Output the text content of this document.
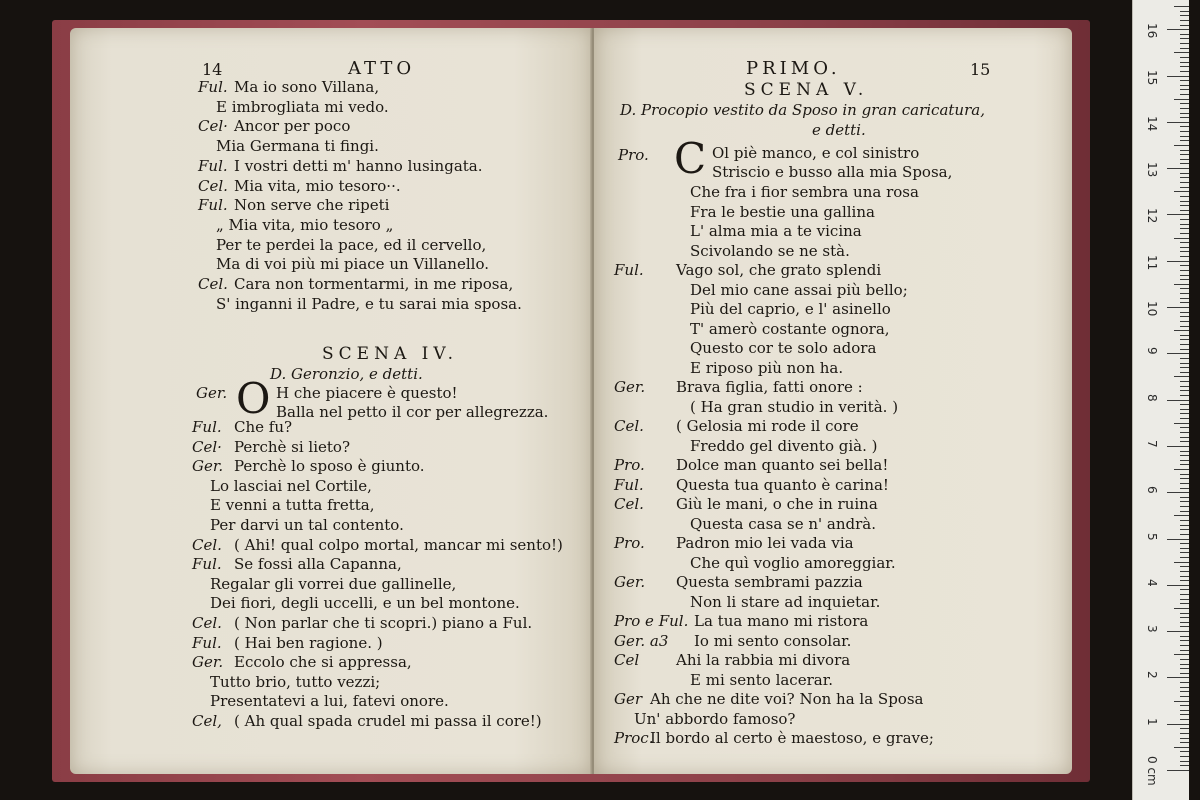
14	ATTO
Ful. Ma io sono Villana,
E imbrogliata mi vedo.
Cel· Ancor per poco
Mia Germana ti fingi.
Ful. I vostri detti m' hanno lusingata.
Cel. Mia vita, mio tesoro··.
Ful. Non serve che ripeti
„ Mia vita, mio tesoro „
Per te perdei la pace, ed il cervello,
Ma di voi più mi piace un Villanello.
Cel. Cara non tormentarmi, in me riposa,
S' inganni il Padre, e tu sarai mia sposa.
SCENA IV.
D. Geronzio, e detti.
Ger. O H che piacere è questo!
Balla nel petto il cor per allegrezza.
Ful. Che fu?
Cel· Perchè si lieto?
Ger. Perchè lo sposo è giunto.
Lo lasciai nel Cortile,
E venni a tutta fretta,
Per darvi un tal contento.
Cel. ( Ahi! qual colpo mortal, mancar mi sento!)
Ful. Se fossi alla Capanna,
Regalar gli vorrei due gallinelle,
Dei fiori, degli uccelli, e un bel montone.
Cel. ( Non parlar che ti scopri.) piano a Ful.
Ful. ( Hai ben ragione. )
Ger. Eccolo che si appressa,
Tutto brio, tutto vezzi;
Presentatevi a lui, fatevi onore.
Cel, ( Ah qual spada crudel mi passa il core!)
PRIMO.	15
SCENA V.
D. Procopio vestito da Sposo in gran caricatura,
e detti.
Pro. C Ol piè manco, e col sinistro
Striscio e busso alla mia Sposa,
Che fra i fior sembra una rosa
Fra le bestie una gallina
L' alma mia a te vicina
Scivolando se ne stà.
Ful. Vago sol, che grato splendi
Del mio cane assai più bello;
Più del caprio, e l' asinello
T' amerò costante ognora,
Questo cor te solo adora
E riposo più non ha.
Ger. Brava figlia, fatti onore :
( Ha gran studio in verità. )
Cel. ( Gelosia mi rode il core
Freddo gel divento già. )
Pro. Dolce man quanto sei bella!
Ful. Questa tua quanto è carina!
Cel. Giù le mani, o che in ruina
Questa casa se n' andrà.
Pro. Padron mio lei vada via
Che quì voglio amoreggiar.
Ger. Questa sembrami pazzia
Non li stare ad inquietar.
Pro e Ful. La tua mano mi ristora
Ger. a3 Io mi sento consolar.
Cel Ahi la rabbia mi divora
E mi sento lacerar.
Ger Ah che ne dite voi? Non ha la Sposa
Un' abbordo famoso?
Proc.
Il bordo al certo è maestoso, e grave;
0 cm
1
2
3
4
5
6
7
8
9
10
11
12
13
14
15
16
